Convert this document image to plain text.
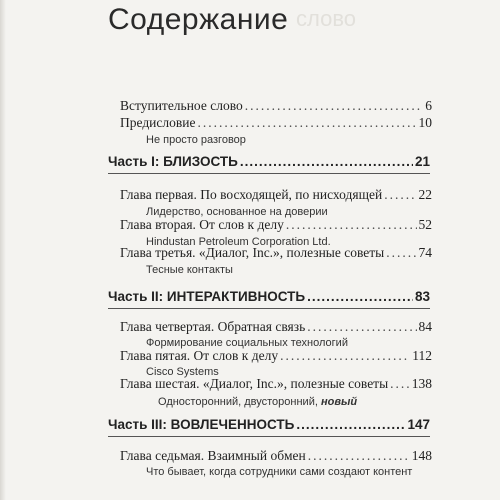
слово
Содержание
Вступительное слово .....	6
Предисловие .....	10
Не просто разговор
Часть I: БЛИЗОСТЬ .....	21
Глава первая. По восходящей, по нисходящей .....	22
Лидерство, основанное на доверии
Глава вторая. От слов к делу .....	52
Hindustan Petroleum Corporation Ltd.
Глава третья. «Диалог, Inc.», полезные советы .....	74
Тесные контакты
Часть II: ИНТЕРАКТИВНОСТЬ .....	83
Глава четвертая. Обратная связь .....	84
Формирование социальных технологий
Глава пятая. От слов к делу .....	112
Cisco Systems
Глава шестая. «Диалог, Inc.», полезные советы ..... 138
Односторонний, двусторонний, новый
Часть III: ВОВЛЕЧЕННОСТЬ .....	147
Глава седьмая. Взаимный обмен .....	148
Что бывает, когда сотрудники сами создают контент
